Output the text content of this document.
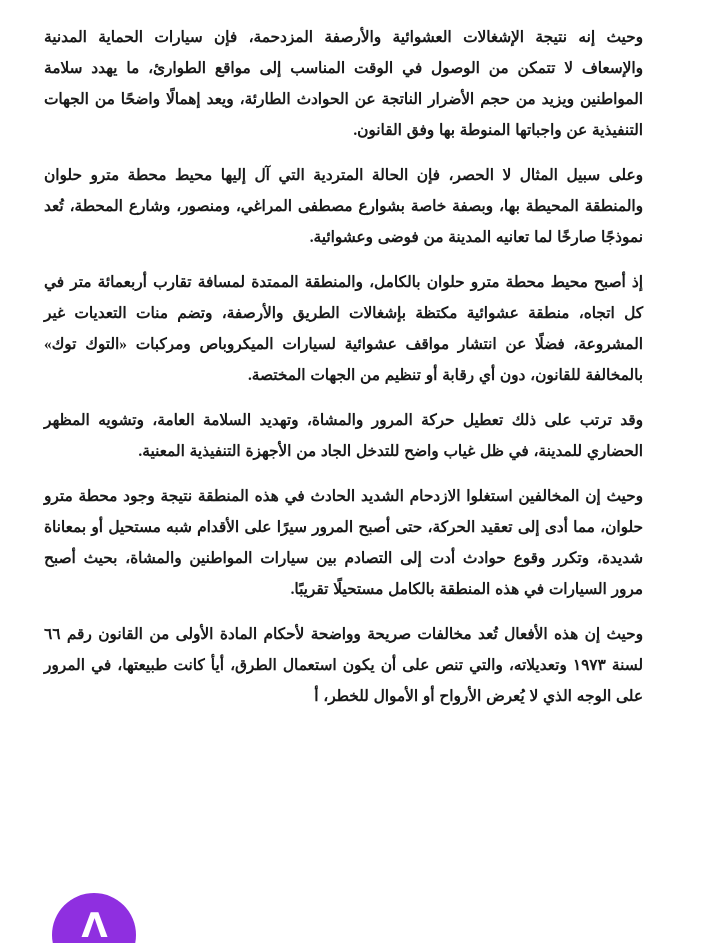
وحيث إنه نتيجة الإشغالات العشوائية والأرصفة المزدحمة، فإن سيارات الحماية المدنية والإسعاف لا تتمكن من الوصول في الوقت المناسب إلى مواقع الطوارئ، ما يهدد سلامة المواطنين ويزيد من حجم الأضرار الناتجة عن الحوادث الطارئة، ويعد إهمالًا واضحًا من الجهات التنفيذية عن واجباتها المنوطة بها وفق القانون.

وعلى سبيل المثال لا الحصر، فإن الحالة المتردية التي آل إليها محيط محطة مترو حلوان والمنطقة المحيطة بها، وبصفة خاصة بشوارع مصطفى المراغي، ومنصور، وشارع المحطة، تُعد نموذجًا صارخًا لما تعانيه المدينة من فوضى وعشوائية.

إذ أصبح محيط محطة مترو حلوان بالكامل، والمنطقة الممتدة لمسافة تقارب أربعمائة متر في كل اتجاه، منطقة عشوائية مكتظة بإشغالات الطريق والأرصفة، وتضم منات التعديات غير المشروعة، فضلًا عن انتشار مواقف عشوائية لسيارات الميكروباص ومركبات «التوك توك» بالمخالفة للقانون، دون أي رقابة أو تنظيم من الجهات المختصة.

وقد ترتب على ذلك تعطيل حركة المرور والمشاة، وتهديد السلامة العامة، وتشويه المظهر الحضاري للمدينة، في ظل غياب واضح للتدخل الجاد من الأجهزة التنفيذية المعنية.

وحيث إن المخالفين استغلوا الازدحام الشديد الحادث في هذه المنطقة نتيجة وجود محطة مترو حلوان، مما أدى إلى تعقيد الحركة، حتى أصبح المرور سيرًا على الأقدام شبه مستحيل أو بمعاناة شديدة، وتكرر وقوع حوادث أدت إلى التصادم بين سيارات المواطنين والمشاة، بحيث أصبح مرور السيارات في هذه المنطقة بالكامل مستحيلًا تقريبًا.

وحيث إن هذه الأفعال تُعد مخالفات صريحة وواضحة لأحكام المادة الأولى من القانون رقم ٦٦ لسنة ١٩٧٣ وتعديلاته، والتي تنص على أن يكون استعمال الطرق، أيأ كانت طبيعتها، في المرور على الوجه الذي لا يُعرض الأرواح أو الأموال للخطر، أ

Λ
